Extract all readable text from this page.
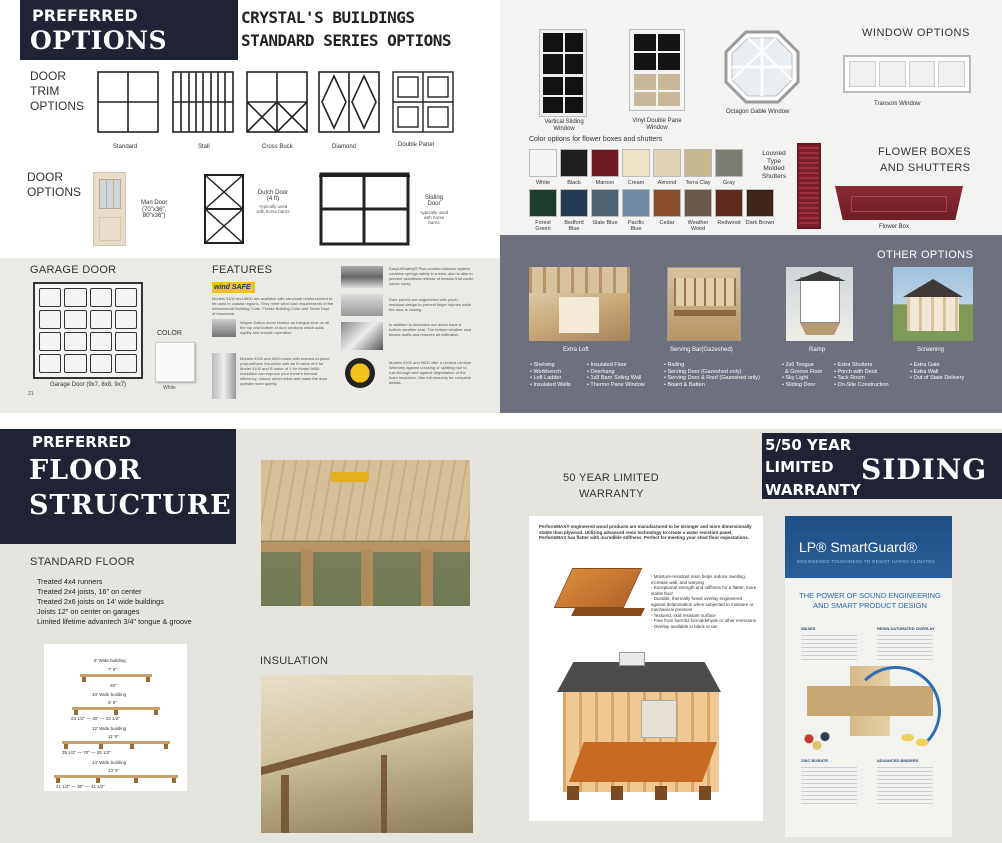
PREFERRED
OPTIONS
CRYSTAL'S BUILDINGS
STANDARD SERIES OPTIONS
DOOR
TRIM
OPTIONS
Standard	Stall	Cross Buck	Diamond	Double Panel
DOOR
OPTIONS
Man Door
(70"x36",
80"x36")
Dutch Door
(4 ft)
-typically used
with horse barns
Sliding
Door
-typically used
with horse
barns
GARAGE DOOR
Garage Door (9x7, 8x8, 9x7)
COLOR
White
21
FEATURES
wind SAFE
Models 9100 and 8500 are available with structural reinforcement to be used in coastal regions. They meet wind load requirements of the International Building Code, Florida Building Code and Texas Dept. of Insurance.
Wayne Dalton doors feature an integral strut on all the top and bottom of door sections which adds rigidity and smooth operation.
Models 9100 and 9600 come with foamed-in-place polyurethane insulation with an R-value of 6 for Model 9100 and R-value of 1 for Model 9600. Insulation can improve your home's thermal efficiency, reduce street noise and make the door operate more quietly.
EasyLiftSafety® Plus counter-balance system contains springs safely in a tube; also is able to prevent accidental release of tension that could cause injury.
Door panels are engineered with pinch-resistant design to prevent finger injuries while the door is closing.
In addition to insulation our doors have a bottom weather seal. The bottom weather seal blocks drafts and reduces air infiltration.
Models 9100 and 9600 offer a Limited Lifetime Warranty against cracking or splitting due to rust-through and against degradation of the foam insulation. See full warranty for complete details.
Vertical Sliding
Window
Vinyl Double Pane
Window
Octagon Gable Window
WINDOW OPTIONS
Transom Window
Color options for flower boxes and shutters
White	Black	Maroon	Cream	Almond	Terra Clay	Gray
Forest
Green
Bedford
Blue
Slate Blue	Pacific
Blue
Cedar	Weather
Wood
Redwood Dark Brown
Louvred
Type
Molded
Shutters
FLOWER BOXES
AND SHUTTERS
Flower Box
OTHER OPTIONS
Extra Loft	Serving Bar(Gazeshed)	Ramp	Screening
• Shelving
• Workbench
• Loft Ladder
• Insulated Walls
• Insulated Floor
• Overhang
• 1x8 Barn Siding Wall
• Thermo Pane Window
• Railing
• Serving Door (Gazeshed only)
• Serving Door & Roof (Gazeshed only)
• Board & Batten
• 2x6 Tongue
& Groove Floor
• Sky Light
• Sliding Door
• Extra Shutters
• Porch with Deck
• Tack Room
• On-Site Construction
• Extra Gate
• Extra Wall
• Out of State Delivery
PREFERRED
FLOOR
STRUCTURE
STANDARD FLOOR
Treated 4x4 runners
Treated 2x4 joists, 16" on center
Treated 2x6 joists on 14' wide buildings
Joists 12" on center on garages
Limited lifetime advantech 3/4" tongue & groove
8' Wide building
7' 9"
20"
10' Wide building
9' 9"
23 1/2" — 30" — 23 1/2"
12' Wide building
11' 9"
35 1/2" — 70" — 35 1/2"
14' Wide building
13' 9"
41 1/2" — 30" — 41 1/2"
INSULATION
5/50 YEAR
LIMITED
WARRANTY
SIDING
50 YEAR LIMITED
WARRANTY
PerformMAX® engineered wood products are manufactured to be stronger and more dimensionally stable than plywood. Utilizing advanced resin technology to create a water resistant panel, PerformMAX has flatter with incredible stiffness. Perfect for meeting your shed floor expectations.
- Moisture-resistant resin helps reduce swelling, increase wall, and warping
- Exceptional strength and stiffness for a flatter, more stable floor
- Durable, thermally fused overlay engineered against delamination when subjected to moisture or mechanical pressure
- Textured, skid resistant surface
- Free from harmful formaldehyde or other emissions
- Overlay available in black or tan
LP® SmartGuard®
ENGINEERED TOUGHNESS TO RESIST HARSH CLIMATES
THE POWER OF SOUND ENGINEERING AND SMART PRODUCT DESIGN
WAXES	RESIN-SATURATED OVERLAY
ZINC BORATE	ADVANCED BINDERS
